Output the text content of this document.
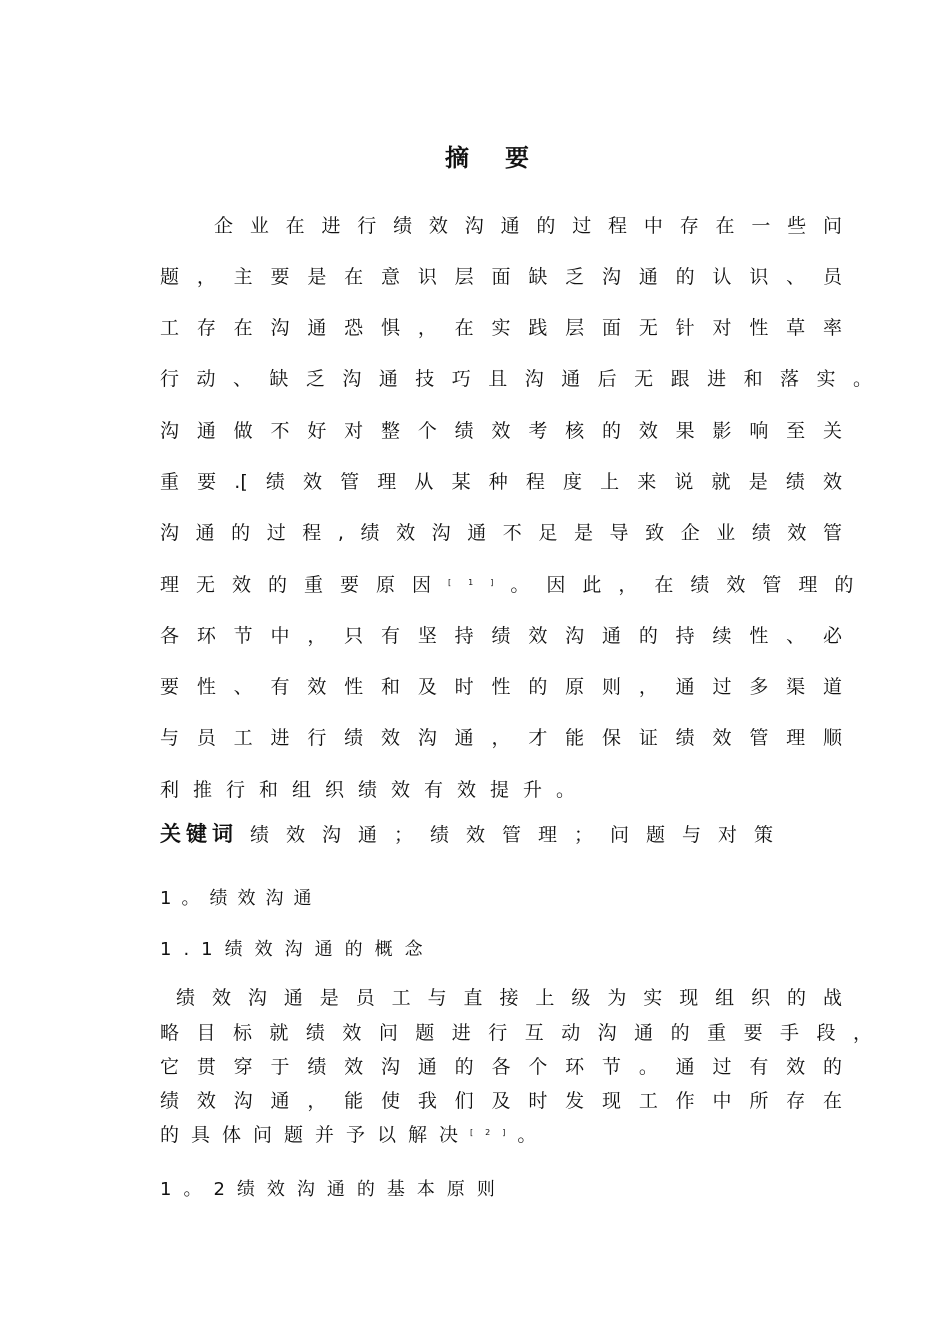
摘要
企业在进行绩效沟通的过程中存在一些问
题，主要是在意识层面缺乏沟通的认识、员
工存在沟通恐惧，在实践层面无针对性草率
行动、缺乏沟通技巧且沟通后无跟进和落实。
沟通做不好对整个绩效考核的效果影响至关
重要.[绩效管理从某种程度上来说就是绩效
沟通的过程,绩效沟通不足是导致企业绩效管
理无效的重要原因[1]。因此，在绩效管理的
各环节中，只有坚持绩效沟通的持续性、必
要性、有效性和及时性的原则，通过多渠道
与员工进行绩效沟通，才能保证绩效管理顺
利推行和组织绩效有效提升。
关键词 绩效沟通；绩效管理；问题与对策
1。绩效沟通
1.1绩效沟通的概念
绩效沟通是员工与直接上级为实现组织的战
略目标就绩效问题进行互动沟通的重要手段，
它贯穿于绩效沟通的各个环节。通过有效的
绩效沟通，能使我们及时发现工作中所存在
的具体问题并予以解决[2]。
1。2绩效沟通的基本原则
